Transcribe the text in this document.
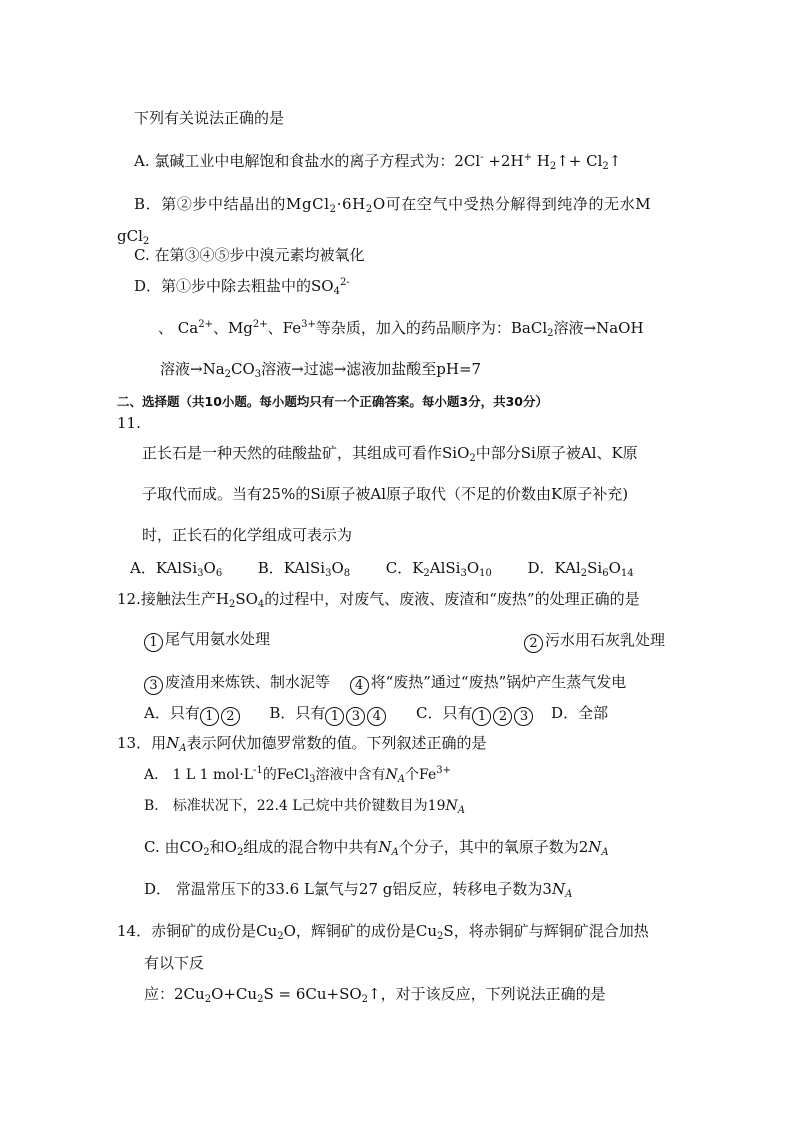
下列有关说法正确的是
A. 氯碱工业中电解饱和食盐水的离子方程式为：2Cl- +2H+ $H_2↑+$ $Cl_2↑$
B．第②步中结晶出的$MgCl_2\cdot 6H_2O$可在空气中受热分解得到纯净的无水M
gCl$_2$
C. 在第③④⑤步中溴元素均被氧化
D．第①步中除去粗盐中的$SO_4^{2-}$
、 $Ca^{2+}$、$Mg^{2+}$、$Fe^{3+}$等杂质，加入的药品顺序为：BaCl$_2$溶液→NaOH
溶液$\to Na_2CO_3$溶液→过滤→滤液加盐酸至pH=7
二、选择题（共10小题。每小题均只有一个正确答案。每小题3分，共30分）
11.
正长石是一种天然的硅酸盐矿，其组成可看作SiO$_2$中部分Si原子被Al、K原
子取代而成。当有25%的Si原子被Al原子取代（不足的价数由K原子补充)
时，正长石的化学组成可表示为
A．$KAlSi_3O_6$ B．$KAlSi_3O_8$ C．$K_2AlSi_3O_{10}$ D．$KAl_2Si_6O_{14}$
12.接触法生产$H_2SO_4$的过程中，对废气、废液、废渣和“废热”的处理正确的是
1 尾气用氨水处理	2 污水用石灰乳处理
3 废渣用来炼铁、制水泥等 4 将“废热”通过“废热”锅炉产生蒸气发电
A．只有 1 2 B．只有 1 3 4 C．只有 1 2 3 D．全部
13．用$N_A$表示阿伏加德罗常数的值。下列叙述正确的是
A． 1 L 1 $mol\cdot L^{-1}$的FeCl$_3$溶液中含有$N_A$个$Fe^{3+}$
B． 标准状况下，22.4 L己烷中共价键数目为$19N_A$
C. 由$CO_2$和$O_2$组成的混合物中共有$N_A$个分子，其中的氧原子数为$2N_A$
D． 常温常压下的33.6 L氯气与27 g铝反应，转移电子数为$3N_A$
14．赤铜矿的成份是$Cu_2O$，辉铜矿的成份是$Cu_2S$，将赤铜矿与辉铜矿混合加热
有以下反
应：$2Cu_2O+Cu_2S$ = $6Cu+SO_2↑$，对于该反应，下列说法正确的是
